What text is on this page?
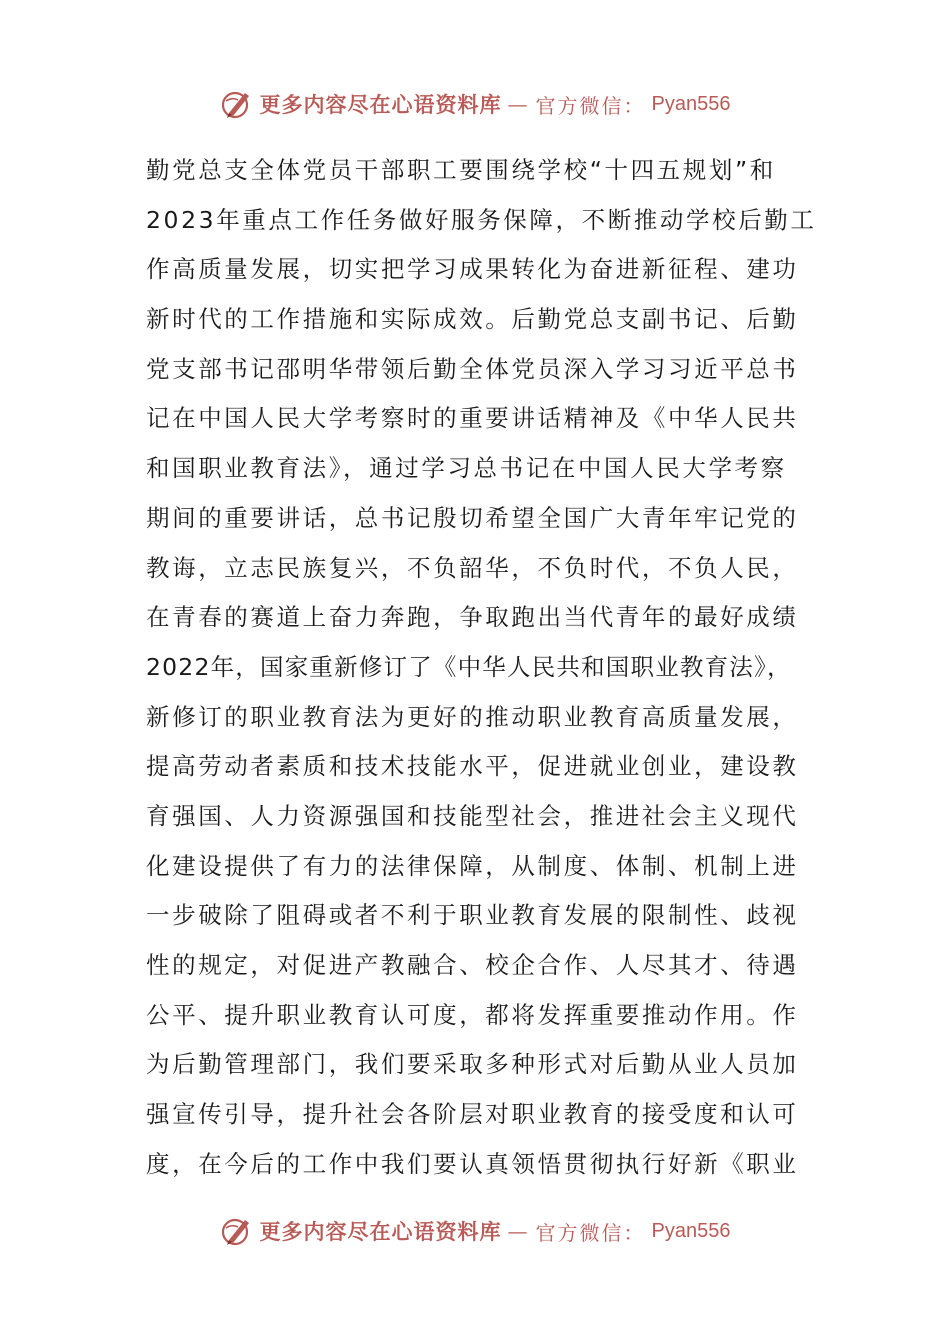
更多内容尽在心语资料库 — 官方微信： Pyan556
勤党总支全体党员干部职工要围绕学校“十四五规划”和
2023年重点工作任务做好服务保障，不断推动学校后勤工
作高质量发展，切实把学习成果转化为奋进新征程、建功
新时代的工作措施和实际成效。后勤党总支副书记、后勤
党支部书记邵明华带领后勤全体党员深入学习习近平总书
记在中国人民大学考察时的重要讲话精神及《中华人民共
和国职业教育法》，通过学习总书记在中国人民大学考察
期间的重要讲话，总书记殷切希望全国广大青年牢记党的
教诲，立志民族复兴，不负韶华，不负时代，不负人民，
在青春的赛道上奋力奔跑，争取跑出当代青年的最好成绩
2022年，国家重新修订了《中华人民共和国职业教育法》，
新修订的职业教育法为更好的推动职业教育高质量发展，
提高劳动者素质和技术技能水平，促进就业创业，建设教
育强国、人力资源强国和技能型社会，推进社会主义现代
化建设提供了有力的法律保障，从制度、体制、机制上进
一步破除了阻碍或者不利于职业教育发展的限制性、歧视
性的规定，对促进产教融合、校企合作、人尽其才、待遇
公平、提升职业教育认可度，都将发挥重要推动作用。作
为后勤管理部门，我们要采取多种形式对后勤从业人员加
强宣传引导，提升社会各阶层对职业教育的接受度和认可
度，在今后的工作中我们要认真领悟贯彻执行好新《职业
更多内容尽在心语资料库 — 官方微信： Pyan556
